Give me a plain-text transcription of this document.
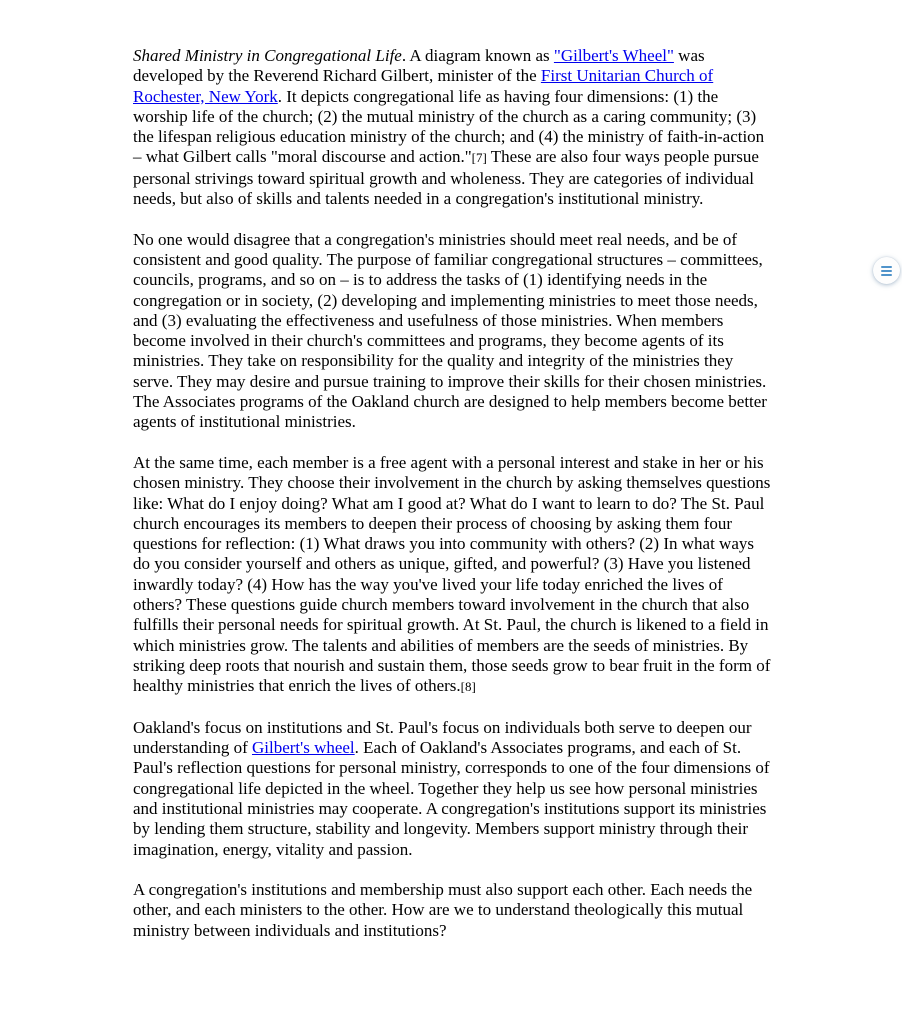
Shared Ministry in Congregational Life. A diagram known as "Gilbert's Wheel" was developed by the Reverend Richard Gilbert, minister of the First Unitarian Church of Rochester, New York. It depicts congregational life as having four dimensions: (1) the worship life of the church; (2) the mutual ministry of the church as a caring community; (3) the lifespan religious education ministry of the church; and (4) the ministry of faith-in-action – what Gilbert calls "moral discourse and action."[7] These are also four ways people pursue personal strivings toward spiritual growth and wholeness. They are categories of individual needs, but also of skills and talents needed in a congregation's institutional ministry.

No one would disagree that a congregation's ministries should meet real needs, and be of consistent and good quality. The purpose of familiar congregational structures – committees, councils, programs, and so on – is to address the tasks of (1) identifying needs in the congregation or in society, (2) developing and implementing ministries to meet those needs, and (3) evaluating the effectiveness and usefulness of those ministries. When members become involved in their church's committees and programs, they become agents of its ministries. They take on responsibility for the quality and integrity of the ministries they serve. They may desire and pursue training to improve their skills for their chosen ministries. The Associates programs of the Oakland church are designed to help members become better agents of institutional ministries.

At the same time, each member is a free agent with a personal interest and stake in her or his chosen ministry. They choose their involvement in the church by asking themselves questions like: What do I enjoy doing? What am I good at? What do I want to learn to do? The St. Paul church encourages its members to deepen their process of choosing by asking them four questions for reflection: (1) What draws you into community with others? (2) In what ways do you consider yourself and others as unique, gifted, and powerful? (3) Have you listened inwardly today? (4) How has the way you've lived your life today enriched the lives of others? These questions guide church members toward involvement in the church that also fulfills their personal needs for spiritual growth. At St. Paul, the church is likened to a field in which ministries grow. The talents and abilities of members are the seeds of ministries. By striking deep roots that nourish and sustain them, those seeds grow to bear fruit in the form of healthy ministries that enrich the lives of others.[8]

Oakland's focus on institutions and St. Paul's focus on individuals both serve to deepen our understanding of Gilbert's wheel. Each of Oakland's Associates programs, and each of St. Paul's reflection questions for personal ministry, corresponds to one of the four dimensions of congregational life depicted in the wheel. Together they help us see how personal ministries and institutional ministries may cooperate. A congregation's institutions support its ministries by lending them structure, stability and longevity. Members support ministry through their imagination, energy, vitality and passion.

A congregation's institutions and membership must also support each other. Each needs the other, and each ministers to the other. How are we to understand theologically this mutual ministry between individuals and institutions?
